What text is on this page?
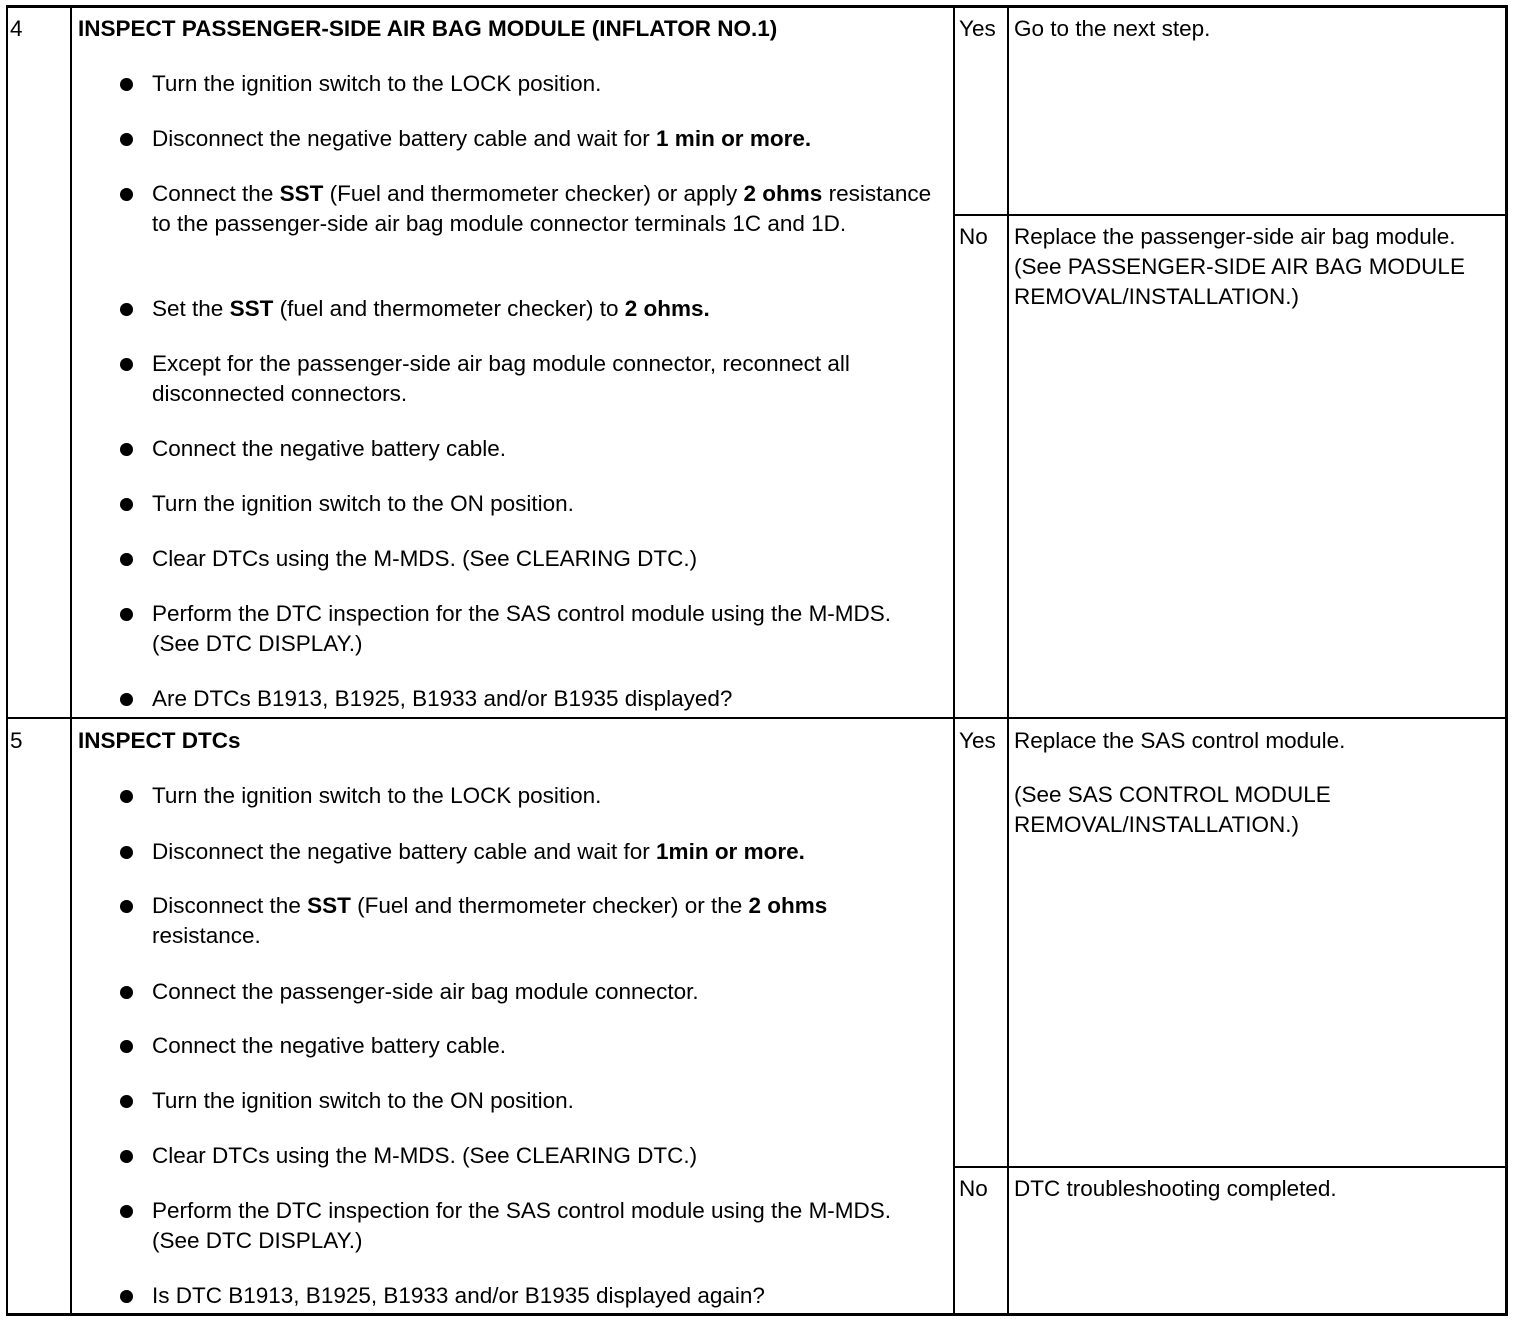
4 INSPECT PASSENGER-SIDE AIR BAG MODULE (INFLATOR NO.1)
Turn the ignition switch to the LOCK position.
Disconnect the negative battery cable and wait for 1 min or more.
Connect the SST (Fuel and thermometer checker) or apply 2 ohms resistance to the passenger-side air bag module connector terminals 1C and 1D.
Set the SST (fuel and thermometer checker) to 2 ohms.
Except for the passenger-side air bag module connector, reconnect all disconnected connectors.
Connect the negative battery cable.
Turn the ignition switch to the ON position.
Clear DTCs using the M-MDS. (See CLEARING DTC.)
Perform the DTC inspection for the SAS control module using the M-MDS. (See DTC DISPLAY.)
Are DTCs B1913, B1925, B1933 and/or B1935 displayed?
Yes Go to the next step.
No Replace the passenger-side air bag module. (See PASSENGER-SIDE AIR BAG MODULE REMOVAL/INSTALLATION.)
5 INSPECT DTCs
Turn the ignition switch to the LOCK position.
Disconnect the negative battery cable and wait for 1min or more.
Disconnect the SST (Fuel and thermometer checker) or the 2 ohms resistance.
Connect the passenger-side air bag module connector.
Connect the negative battery cable.
Turn the ignition switch to the ON position.
Clear DTCs using the M-MDS. (See CLEARING DTC.)
Perform the DTC inspection for the SAS control module using the M-MDS. (See DTC DISPLAY.)
Is DTC B1913, B1925, B1933 and/or B1935 displayed again?
Yes Replace the SAS control module.
(See SAS CONTROL MODULE REMOVAL/INSTALLATION.)
No DTC troubleshooting completed.
